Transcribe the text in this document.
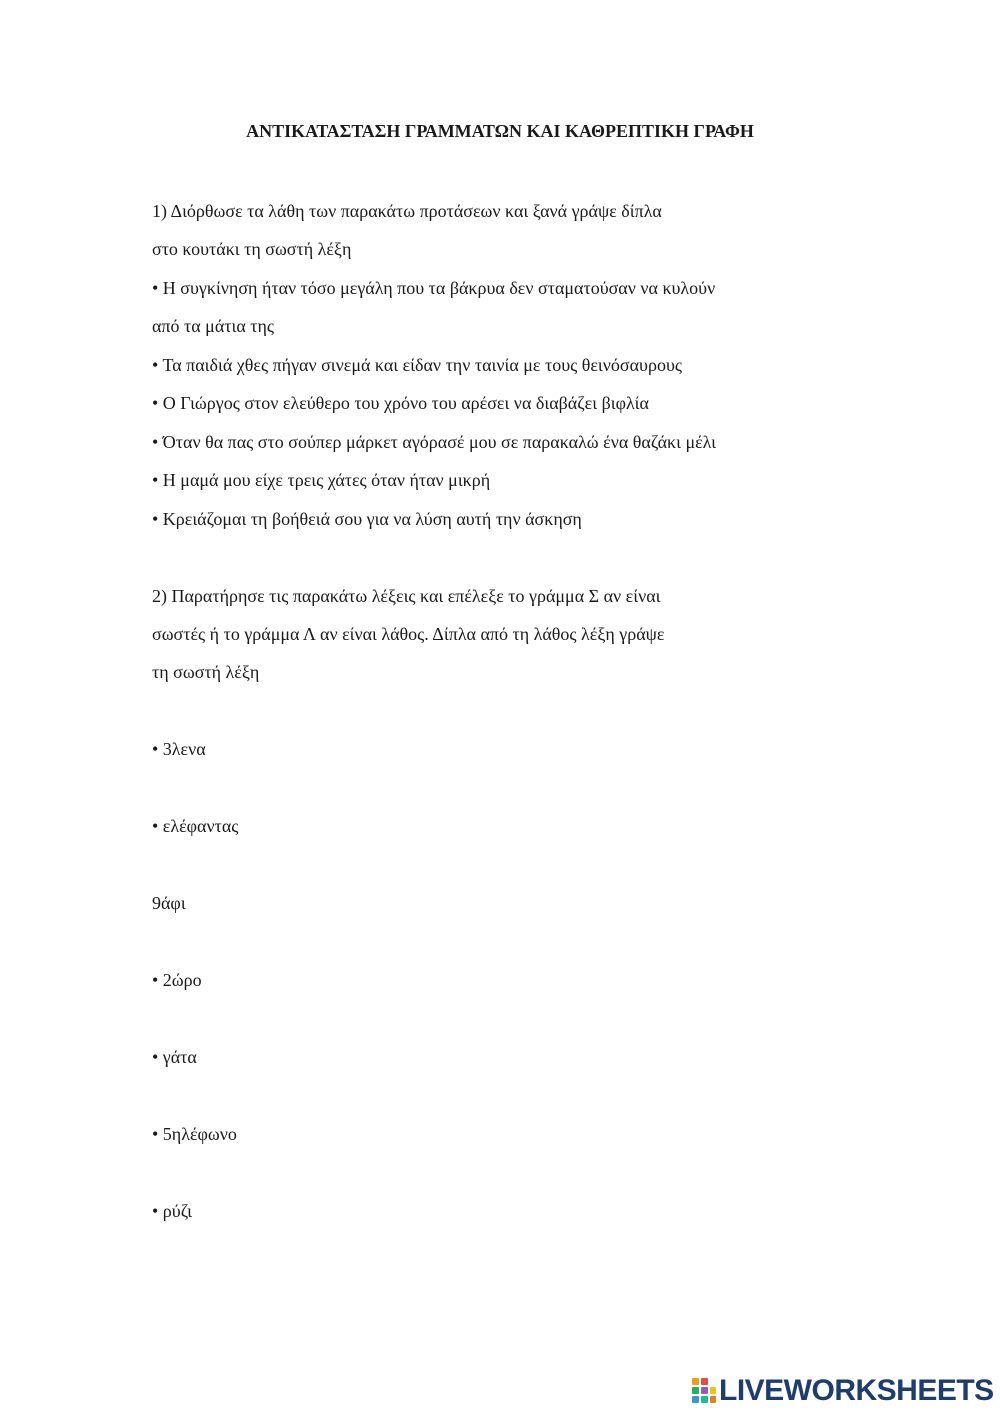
ΑΝΤΙΚΑΤΑΣΤΑΣΗ ΓΡΑΜΜΑΤΩΝ ΚΑΙ ΚΑΘΡΕΠΤΙΚΗ ΓΡΑΦΗ
1) Διόρθωσε τα λάθη των παρακάτω προτάσεων και ξανά γράψε δίπλα
στο κουτάκι τη σωστή λέξη
• Η συγκίνηση ήταν τόσο μεγάλη που τα βάκρυα δεν σταματούσαν να κυλούν
από τα μάτια της
• Τα παιδιά χθες πήγαν σινεμά και είδαν την ταινία με τους θεινόσαυρους
• Ο Γιώργος στον ελεύθερο του χρόνο του αρέσει να διαβάζει βιφλία
• Όταν θα πας στο σούπερ μάρκετ αγόρασέ μου σε παρακαλώ ένα θαζάκι μέλι
• Η μαμά μου είχε τρεις χάτες όταν ήταν μικρή
• Κρειάζομαι τη βοήθειά σου για να λύση αυτή την άσκηση
2) Παρατήρησε τις παρακάτω λέξεις και επέλεξε το γράμμα Σ αν είναι
σωστές ή το γράμμα Λ αν είναι λάθος. Δίπλα από τη λάθος λέξη γράψε
τη σωστή λέξη
• 3λενα
• ελέφαντας
9άφι
• 2ώρο
• γάτα
• 5ηλέφωνο
• ρύζι
LIVEWORKSHEETS
